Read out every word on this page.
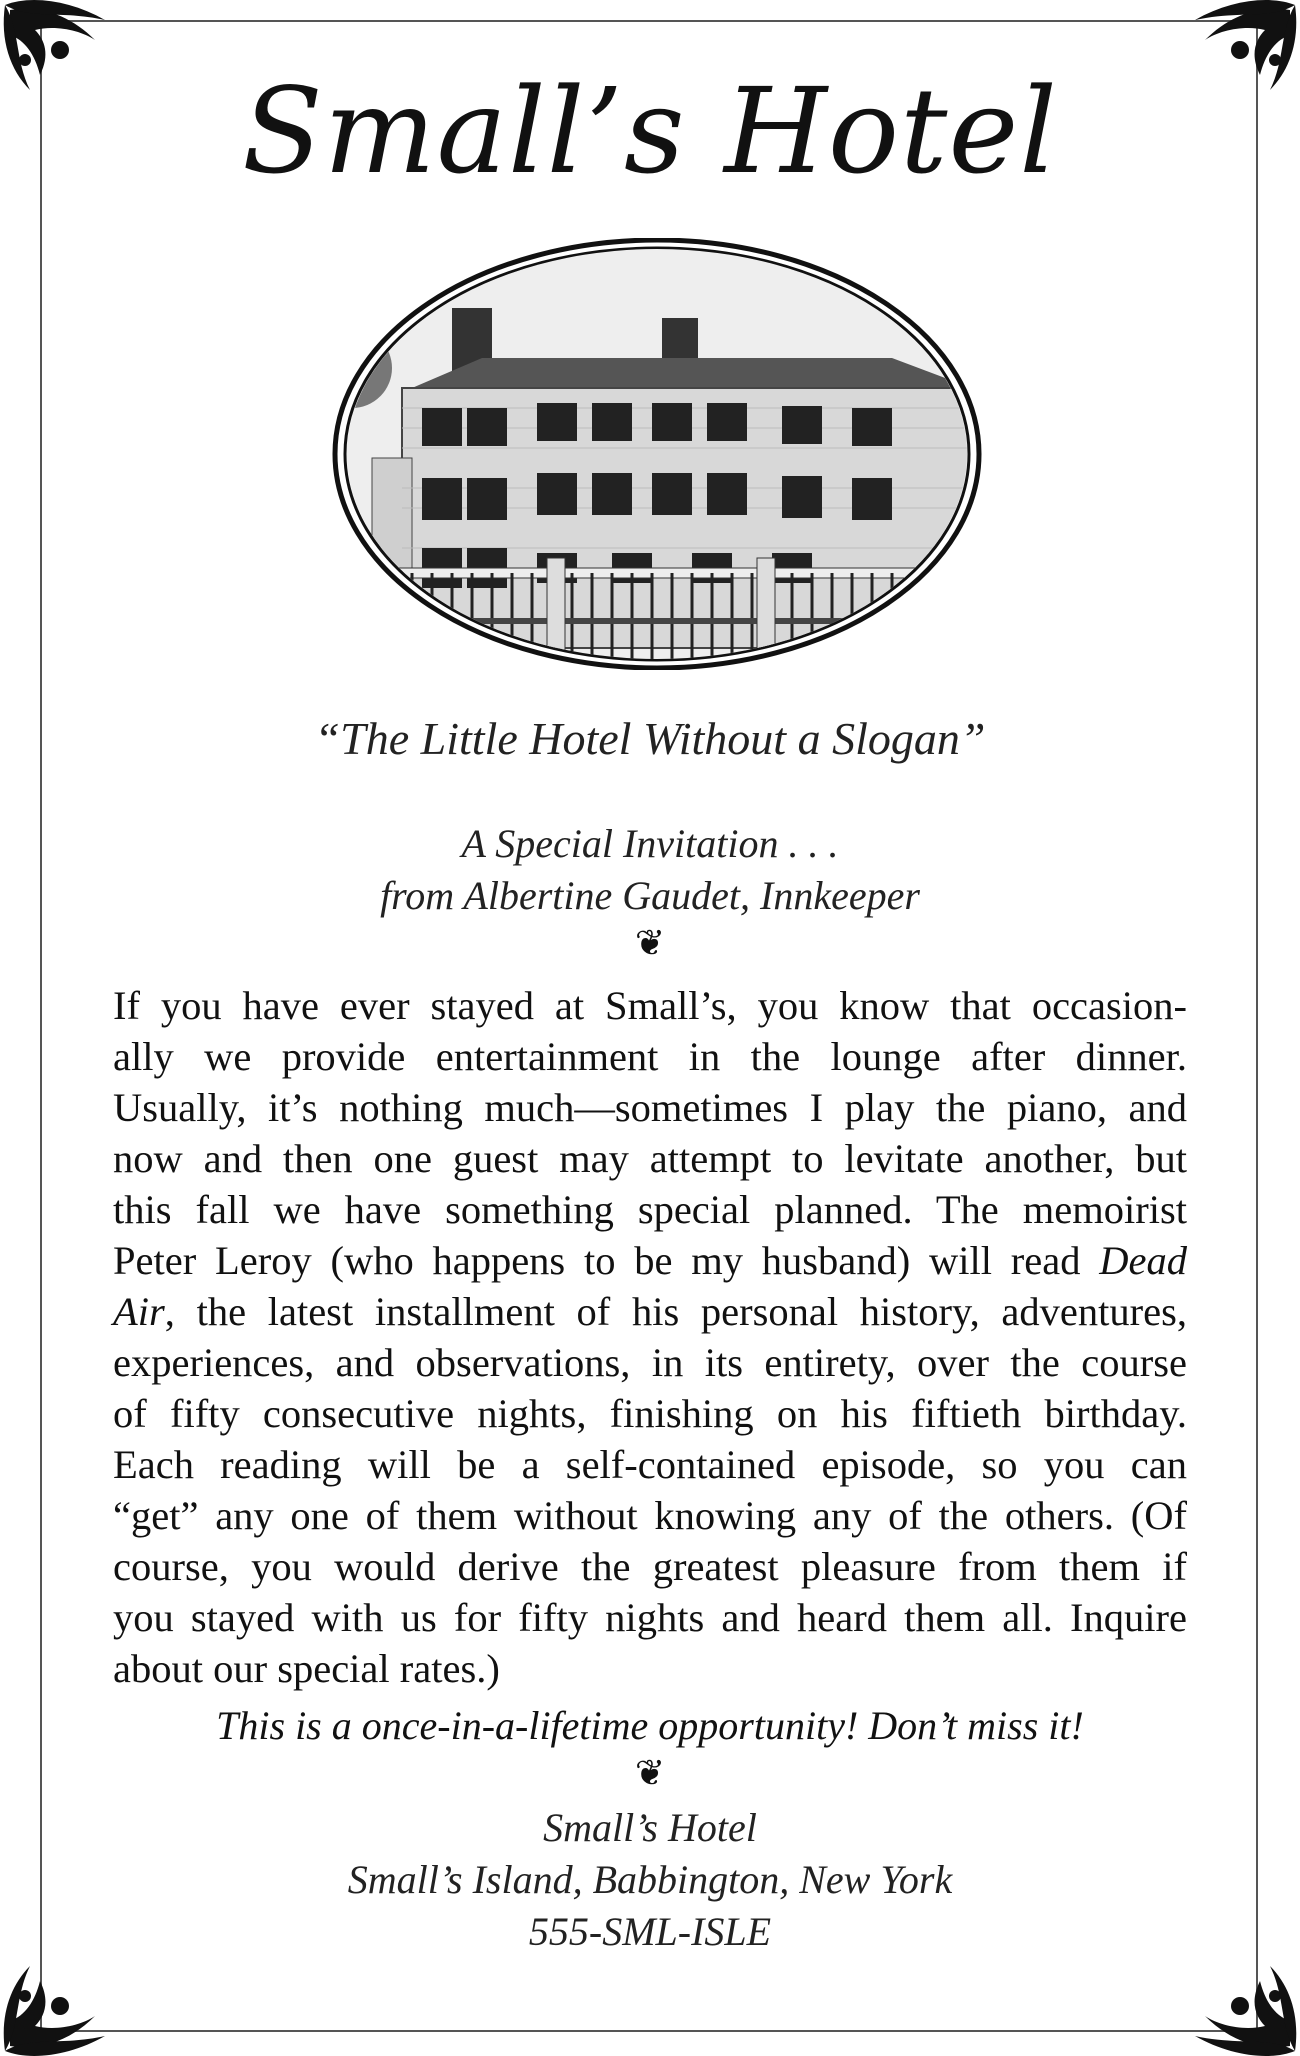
Small’s Hotel
“The Little Hotel Without a Slogan”
A Special Invitation . . .
from Albertine Gaudet, Innkeeper
❦
If you have ever stayed at Small’s, you know that occasion-
ally we provide entertainment in the lounge after dinner.
Usually, it’s nothing much—sometimes I play the piano, and
now and then one guest may attempt to levitate another, but
this fall we have something special planned. The memoirist
Peter Leroy (who happens to be my husband) will read Dead
Air, the latest installment of his personal history, adventures,
experiences, and observations, in its entirety, over the course
of fifty consecutive nights, finishing on his fiftieth birthday.
Each reading will be a self-contained episode, so you can
“get” any one of them without knowing any of the others. (Of
course, you would derive the greatest pleasure from them if
you stayed with us for fifty nights and heard them all. Inquire
about our special rates.)
This is a once-in-a-lifetime opportunity! Don’t miss it!
❦
Small’s Hotel
Small’s Island, Babbington, New York
555-SML-ISLE
